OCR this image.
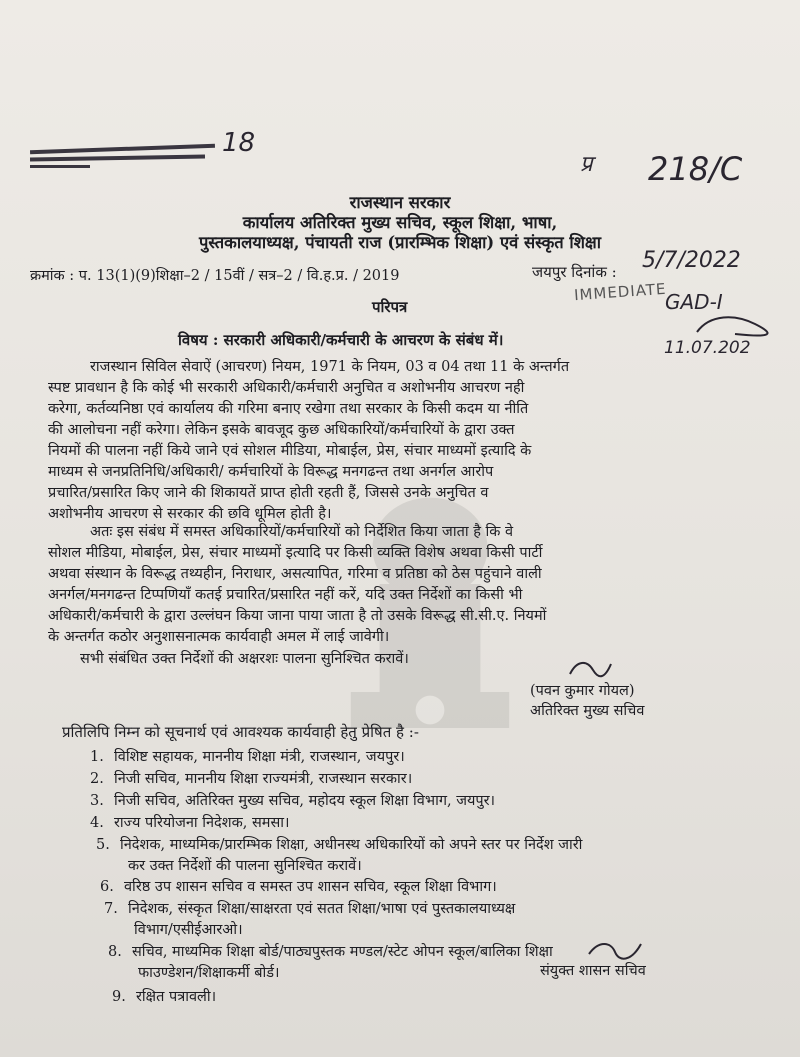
18
प्र 218/C
राजस्थान सरकार
कार्यालय अतिरिक्त मुख्य सचिव, स्कूल शिक्षा, भाषा,
पुस्तकालयाध्यक्ष, पंचायती राज (प्रारम्भिक शिक्षा) एवं संस्कृत शिक्षा
क्रमांक : प. 13(1)(9)शिक्षा–2 / 15वीं / सत्र–2 / वि.ह.प्र. / 2019	जयपुर दिनांक : 5/7/2022
IMMEDIATE
GAD-I
11.07.202
परिपत्र
विषय : सरकारी अधिकारी/कर्मचारी के आचरण के संबंध में।
राजस्थान सिविल सेवाऐं (आचरण) नियम, 1971 के नियम, 03 व 04 तथा 11 के अन्तर्गत
स्पष्ट प्रावधान है कि कोई भी सरकारी अधिकारी/कर्मचारी अनुचित व अशोभनीय आचरण नही
करेगा, कर्तव्यनिष्ठा एवं कार्यालय की गरिमा बनाए रखेगा तथा सरकार के किसी कदम या नीति
की आलोचना नहीं करेगा। लेकिन इसके बावजूद कुछ अधिकारियों/कर्मचारियों के द्वारा उक्त
नियमों की पालना नहीं किये जाने एवं सोशल मीडिया, मोबाईल, प्रेस, संचार माध्यमों इत्यादि के
माध्यम से जनप्रतिनिधि/अधिकारी/ कर्मचारियों के विरूद्ध मनगढन्त तथा अनर्गल आरोप
प्रचारित/प्रसारित किए जाने की शिकायतें प्राप्त होती रहती हैं, जिससे उनके अनुचित व
अशोभनीय आचरण से सरकार की छवि धूमिल होती है।
अतः इस संबंध में समस्त अधिकारियों/कर्मचारियों को निर्देशित किया जाता है कि वे
सोशल मीडिया, मोबाईल, प्रेस, संचार माध्यमों इत्यादि पर किसी व्यक्ति विशेष अथवा किसी पार्टी
अथवा संस्थान के विरूद्ध तथ्यहीन, निराधार, असत्यापित, गरिमा व प्रतिष्ठा को ठेस पहुंचाने वाली
अनर्गल/मनगढन्त टिप्पणियाँ कतई प्रचारित/प्रसारित नहीं करें, यदि उक्त निर्देशों का किसी भी
अधिकारी/कर्मचारी के द्वारा उल्लंघन किया जाना पाया जाता है तो उसके विरूद्ध सी.सी.ए. नियमों
के अन्तर्गत कठोर अनुशासनात्मक कार्यवाही अमल में लाई जावेगी।
सभी संबंधित उक्त निर्देशों की अक्षरशः पालना सुनिश्चित करावें।
(पवन कुमार गोयल)
अतिरिक्त मुख्य सचिव
प्रतिलिपि निम्न को सूचनार्थ एवं आवश्यक कार्यवाही हेतु प्रेषित है :-
1. विशिष्ट सहायक, माननीय शिक्षा मंत्री, राजस्थान, जयपुर।
2. निजी सचिव, माननीय शिक्षा राज्यमंत्री, राजस्थान सरकार।
3. निजी सचिव, अतिरिक्त मुख्य सचिव, महोदय स्कूल शिक्षा विभाग, जयपुर।
4. राज्य परियोजना निदेशक, समसा।
5. निदेशक, माध्यमिक/प्रारम्भिक शिक्षा, अधीनस्थ अधिकारियों को अपने स्तर पर निर्देश जारी
कर उक्त निर्देशों की पालना सुनिश्चित करावें।
6. वरिष्ठ उप शासन सचिव व समस्त उप शासन सचिव, स्कूल शिक्षा विभाग।
7. निदेशक, संस्कृत शिक्षा/साक्षरता एवं सतत शिक्षा/भाषा एवं पुस्तकालयाध्यक्ष
विभाग/एसीईआरओ।
8. सचिव, माध्यमिक शिक्षा बोर्ड/पाठ्यपुस्तक मण्डल/स्टेट ओपन स्कूल/बालिका शिक्षा
फाउण्डेशन/शिक्षाकर्मी बोर्ड।
9. रक्षित पत्रावली।
संयुक्त शासन सचिव
